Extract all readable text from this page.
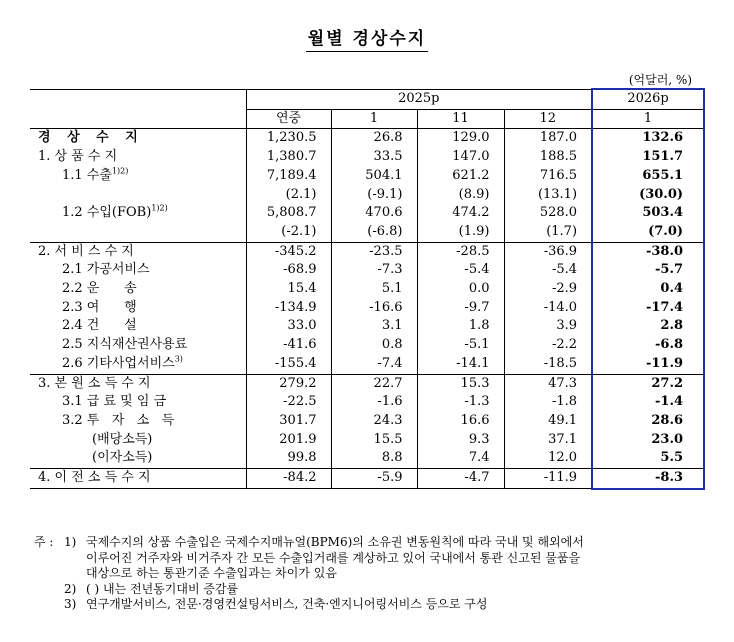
월별 경상수지
(억달러, %)
	2025p				2026p
	연중	1	11	12	1
경 상 수 지	1,230.5	26.8	129.0	187.0	132.6
1. 상 품 수 지	1,380.7	33.5	147.0	188.5	151.7
1.1 수출$^{1)2)}$	7,189.4	504.1	621.2	716.5	655.1
	(2.1)	(-9.1)	(8.9)	(13.1)	(30.0)
1.2 수입(FOB)$^{1)2)}$	5,808.7	470.6	474.2	528.0	503.4
	(-2.1)	(-6.8)	(1.9)	(1.7)	(7.0)
2. 서 비 스 수 지	-345.2	-23.5	-28.5	-36.9	-38.0
2.1 가공서비스	-68.9	-7.3	-5.4	-5.4	-5.7
2.2 운      송	15.4	5.1	0.0	-2.9	0.4
2.3 여      행	-134.9	-16.6	-9.7	-14.0	-17.4
2.4 건      설	33.0	3.1	1.8	3.9	2.8
2.5 지식재산권사용료	-41.6	0.8	-5.1	-2.2	-6.8
2.6 기타사업서비스$^{3)}$	-155.4	-7.4	-14.1	-18.5	-11.9
3. 본 원 소 득 수 지	279.2	22.7	15.3	47.3	27.2
3.1 급 료 및 임 금	-22.5	-1.6	-1.3	-1.8	-1.4
3.2 투   자   소   득	301.7	24.3	16.6	49.1	28.6
(배당소득)	201.9	15.5	9.3	37.1	23.0
(이자소득)	99.8	8.8	7.4	12.0	5.5
4. 이 전 소 득 수 지	-84.2	-5.9	-4.7	-11.9	-8.3
주 : 1) 국제수지의 상품 수출입은 국제수지매뉴얼(BPM6)의 소유권 변동원칙에 따라 국내 및 해외에서
이루어진 거주자와 비거주자 간 모든 수출입거래를 계상하고 있어 국내에서 통관 신고된 물품을
대상으로 하는 통관기준 수출입과는 차이가 있음
2) ( ) 내는 전년동기대비 증감률
3) 연구개발서비스, 전문·경영컨설팅서비스, 건축·엔지니어링서비스 등으로 구성
